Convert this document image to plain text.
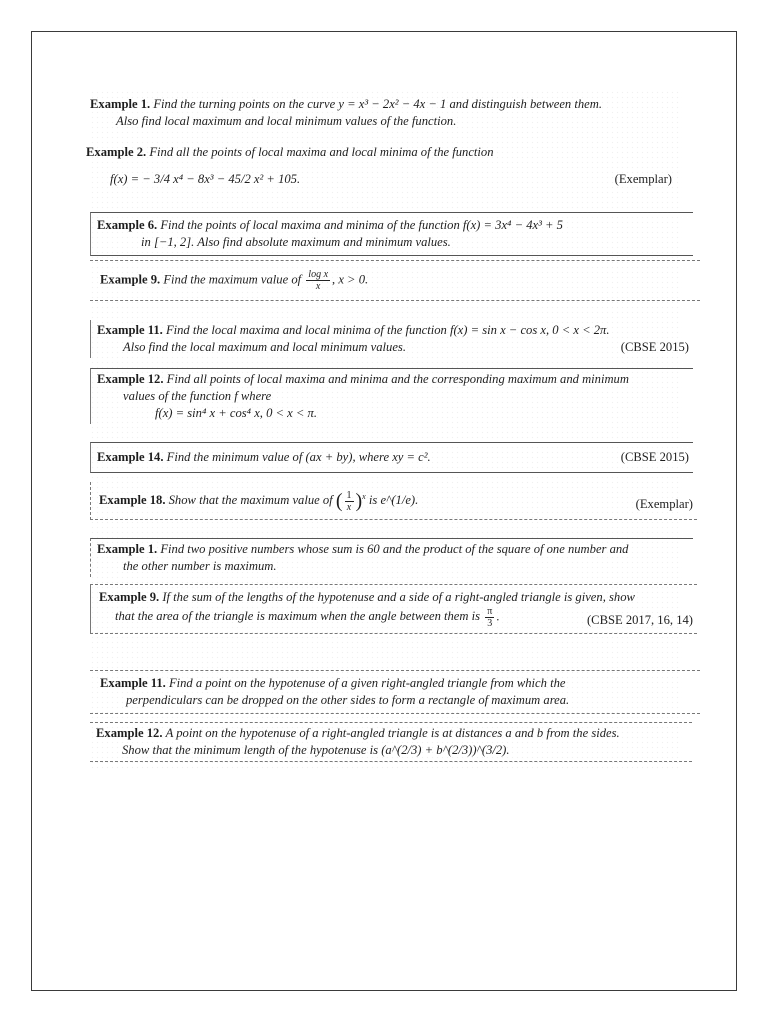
Example 1. Find the turning points on the curve y = x³ − 2x² − 4x − 1 and distinguish between them.
Also find local maximum and local minimum values of the function.
Example 2. Find all the points of local maxima and local minima of the function

f(x) = − 3/4 x⁴ − 8x³ − 45/2 x² + 105.	(Exemplar)
Example 6. Find the points of local maxima and minima of the function f(x) = 3x⁴ − 4x³ + 5
in [−1, 2]. Also find absolute maximum and minimum values.
Example 9. Find the maximum value of $\frac{\text{log x}}{x}$ , x > 0.
Example 11. Find the local maxima and local minima of the function f(x) = sin x − cos x, 0 < x < 2π.
Also find the local maximum and local minimum values.	(CBSE 2015)
Example 12. Find all points of local maxima and minima and the corresponding maximum and minimum
values of the function f where
f(x) = sin⁴ x + cos⁴ x, 0 < x < π.
Example 14. Find the minimum value of (ax + by), where xy = c².	(CBSE 2015)
Example 18. Show that the maximum value of ( $\frac{1}{x} )^x$ is e^(1/e).	(Exemplar)
Example 1. Find two positive numbers whose sum is 60 and the product of the square of one number and
the other number is maximum.
Example 9. If the sum of the lengths of the hypotenuse and a side of a right-angled triangle is given, show
that the area of the triangle is maximum when the angle between them is $\frac{\pi}{3}$ .	(CBSE 2017, 16, 14)
Example 11. Find a point on the hypotenuse of a given right-angled triangle from which the
perpendiculars can be dropped on the other sides to form a rectangle of maximum area.
Example 12. A point on the hypotenuse of a right-angled triangle is at distances a and b from the sides.
Show that the minimum length of the hypotenuse is (a^(2/3) + b^(2/3))^(3/2).
